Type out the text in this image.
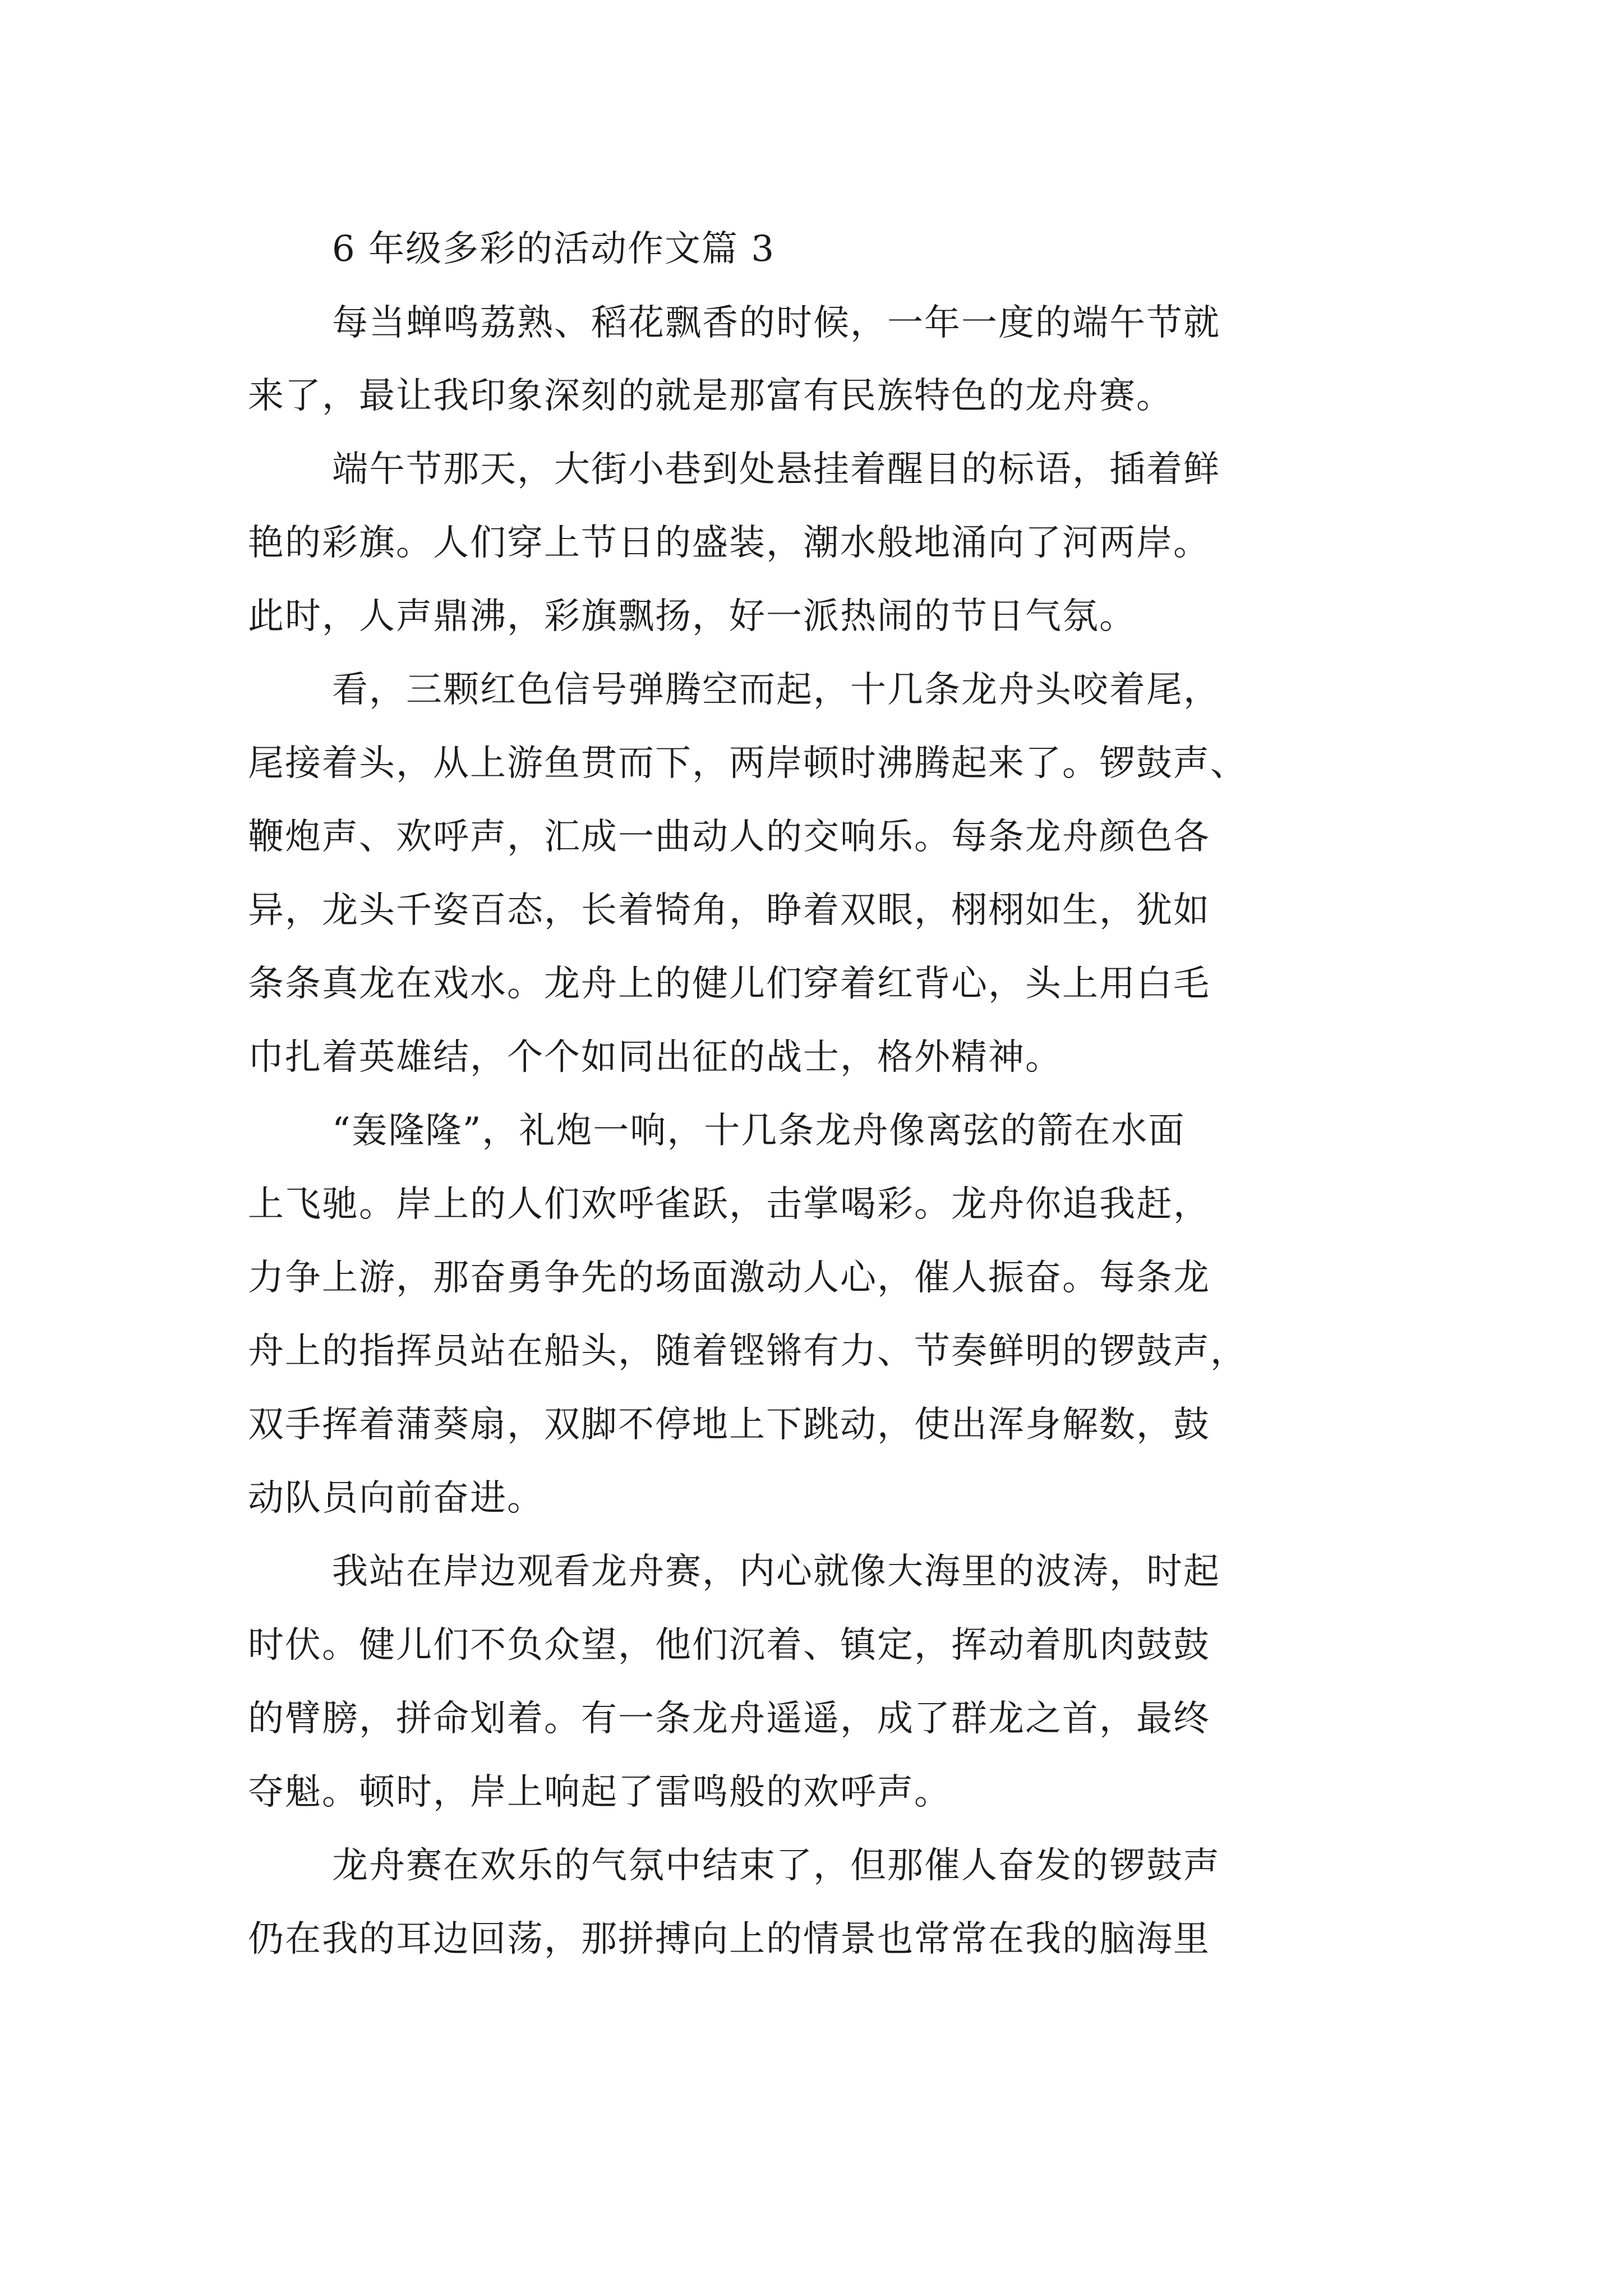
6 年级多彩的活动作文篇 3
每当蝉鸣荔熟、稻花飘香的时候，一年一度的端午节就
来了，最让我印象深刻的就是那富有民族特色的龙舟赛。
端午节那天，大街小巷到处悬挂着醒目的标语，插着鲜
艳的彩旗。人们穿上节日的盛装，潮水般地涌向了河两岸。
此时，人声鼎沸，彩旗飘扬，好一派热闹的节日气氛。
看，三颗红色信号弹腾空而起，十几条龙舟头咬着尾，
尾接着头，从上游鱼贯而下，两岸顿时沸腾起来了。锣鼓声、
鞭炮声、欢呼声，汇成一曲动人的交响乐。每条龙舟颜色各
异，龙头千姿百态，长着犄角，睁着双眼，栩栩如生，犹如
条条真龙在戏水。龙舟上的健儿们穿着红背心，头上用白毛
巾扎着英雄结，个个如同出征的战士，格外精神。
“轰隆隆”，礼炮一响，十几条龙舟像离弦的箭在水面
上飞驰。岸上的人们欢呼雀跃，击掌喝彩。龙舟你追我赶，
力争上游，那奋勇争先的场面激动人心，催人振奋。每条龙
舟上的指挥员站在船头，随着铿锵有力、节奏鲜明的锣鼓声，
双手挥着蒲葵扇，双脚不停地上下跳动，使出浑身解数，鼓
动队员向前奋进。
我站在岸边观看龙舟赛，内心就像大海里的波涛，时起
时伏。健儿们不负众望，他们沉着、镇定，挥动着肌肉鼓鼓
的臂膀，拼命划着。有一条龙舟遥遥，成了群龙之首，最终
夺魁。顿时，岸上响起了雷鸣般的欢呼声。
龙舟赛在欢乐的气氛中结束了，但那催人奋发的锣鼓声
仍在我的耳边回荡，那拼搏向上的情景也常常在我的脑海里
